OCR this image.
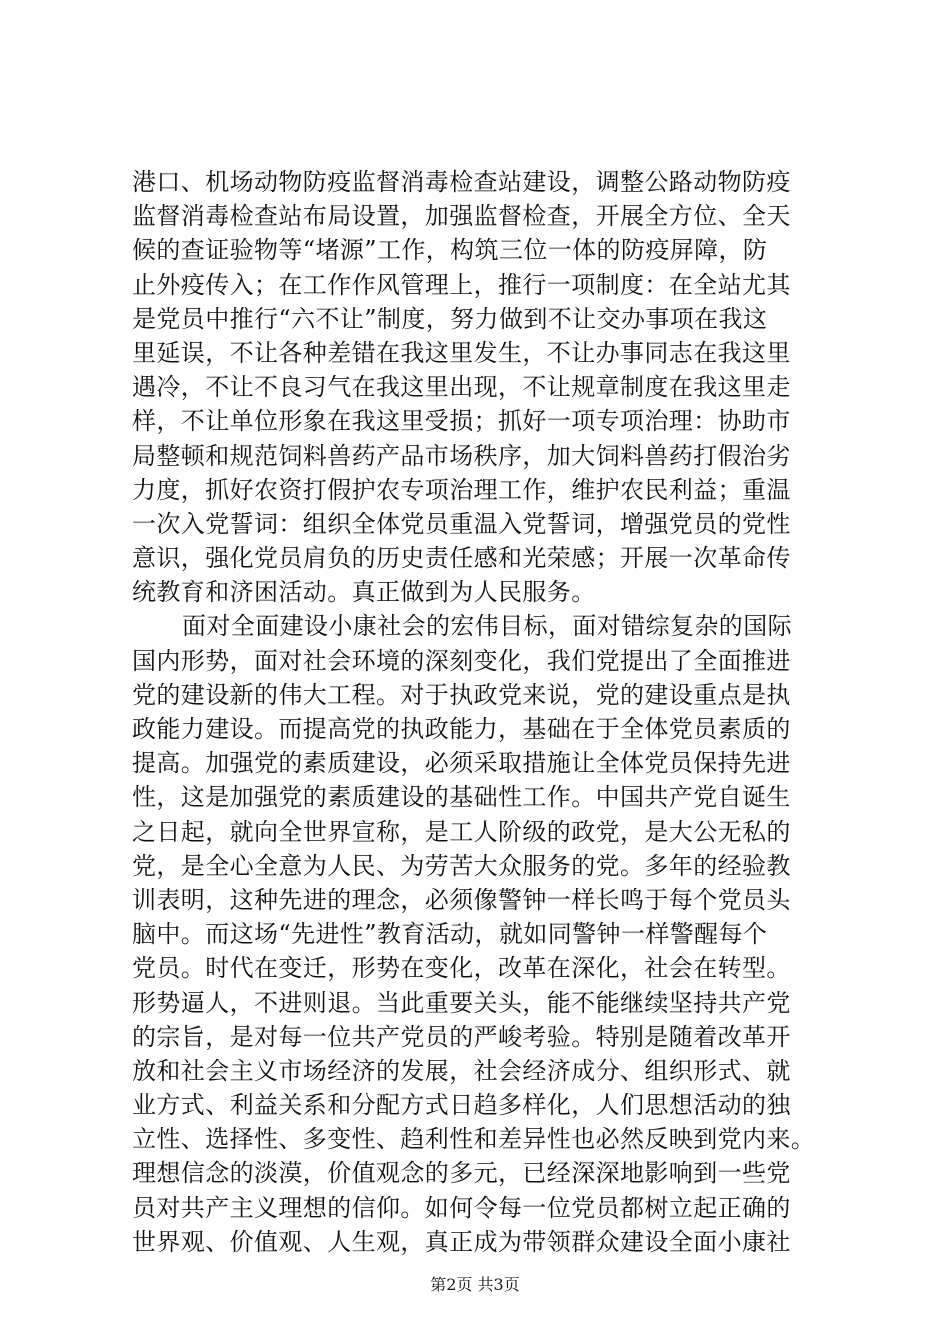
港口、机场动物防疫监督消毒检查站建设，调整公路动物防疫
监督消毒检查站布局设置，加强监督检查，开展全方位、全天
候的查证验物等“堵源”工作，构筑三位一体的防疫屏障，防
止外疫传入；在工作作风管理上，推行一项制度：在全站尤其
是党员中推行“六不让”制度，努力做到不让交办事项在我这
里延误，不让各种差错在我这里发生，不让办事同志在我这里
遇冷，不让不良习气在我这里出现，不让规章制度在我这里走
样，不让单位形象在我这里受损；抓好一项专项治理：协助市
局整顿和规范饲料兽药产品市场秩序，加大饲料兽药打假治劣
力度，抓好农资打假护农专项治理工作，维护农民利益；重温
一次入党誓词：组织全体党员重温入党誓词，增强党员的党性
意识，强化党员肩负的历史责任感和光荣感；开展一次革命传
统教育和济困活动。真正做到为人民服务。
面对全面建设小康社会的宏伟目标，面对错综复杂的国际
国内形势，面对社会环境的深刻变化，我们党提出了全面推进
党的建设新的伟大工程。对于执政党来说，党的建设重点是执
政能力建设。而提高党的执政能力，基础在于全体党员素质的
提高。加强党的素质建设，必须采取措施让全体党员保持先进
性，这是加强党的素质建设的基础性工作。中国共产党自诞生
之日起，就向全世界宣称，是工人阶级的政党，是大公无私的
党，是全心全意为人民、为劳苦大众服务的党。多年的经验教
训表明，这种先进的理念，必须像警钟一样长鸣于每个党员头
脑中。而这场“先进性”教育活动，就如同警钟一样警醒每个
党员。时代在变迁，形势在变化，改革在深化，社会在转型。
形势逼人，不进则退。当此重要关头，能不能继续坚持共产党
的宗旨，是对每一位共产党员的严峻考验。特别是随着改革开
放和社会主义市场经济的发展，社会经济成分、组织形式、就
业方式、利益关系和分配方式日趋多样化，人们思想活动的独
立性、选择性、多变性、趋利性和差异性也必然反映到党内来。
理想信念的淡漠，价值观念的多元，已经深深地影响到一些党
员对共产主义理想的信仰。如何令每一位党员都树立起正确的
世界观、价值观、人生观，真正成为带领群众建设全面小康社
第2页 共3页
